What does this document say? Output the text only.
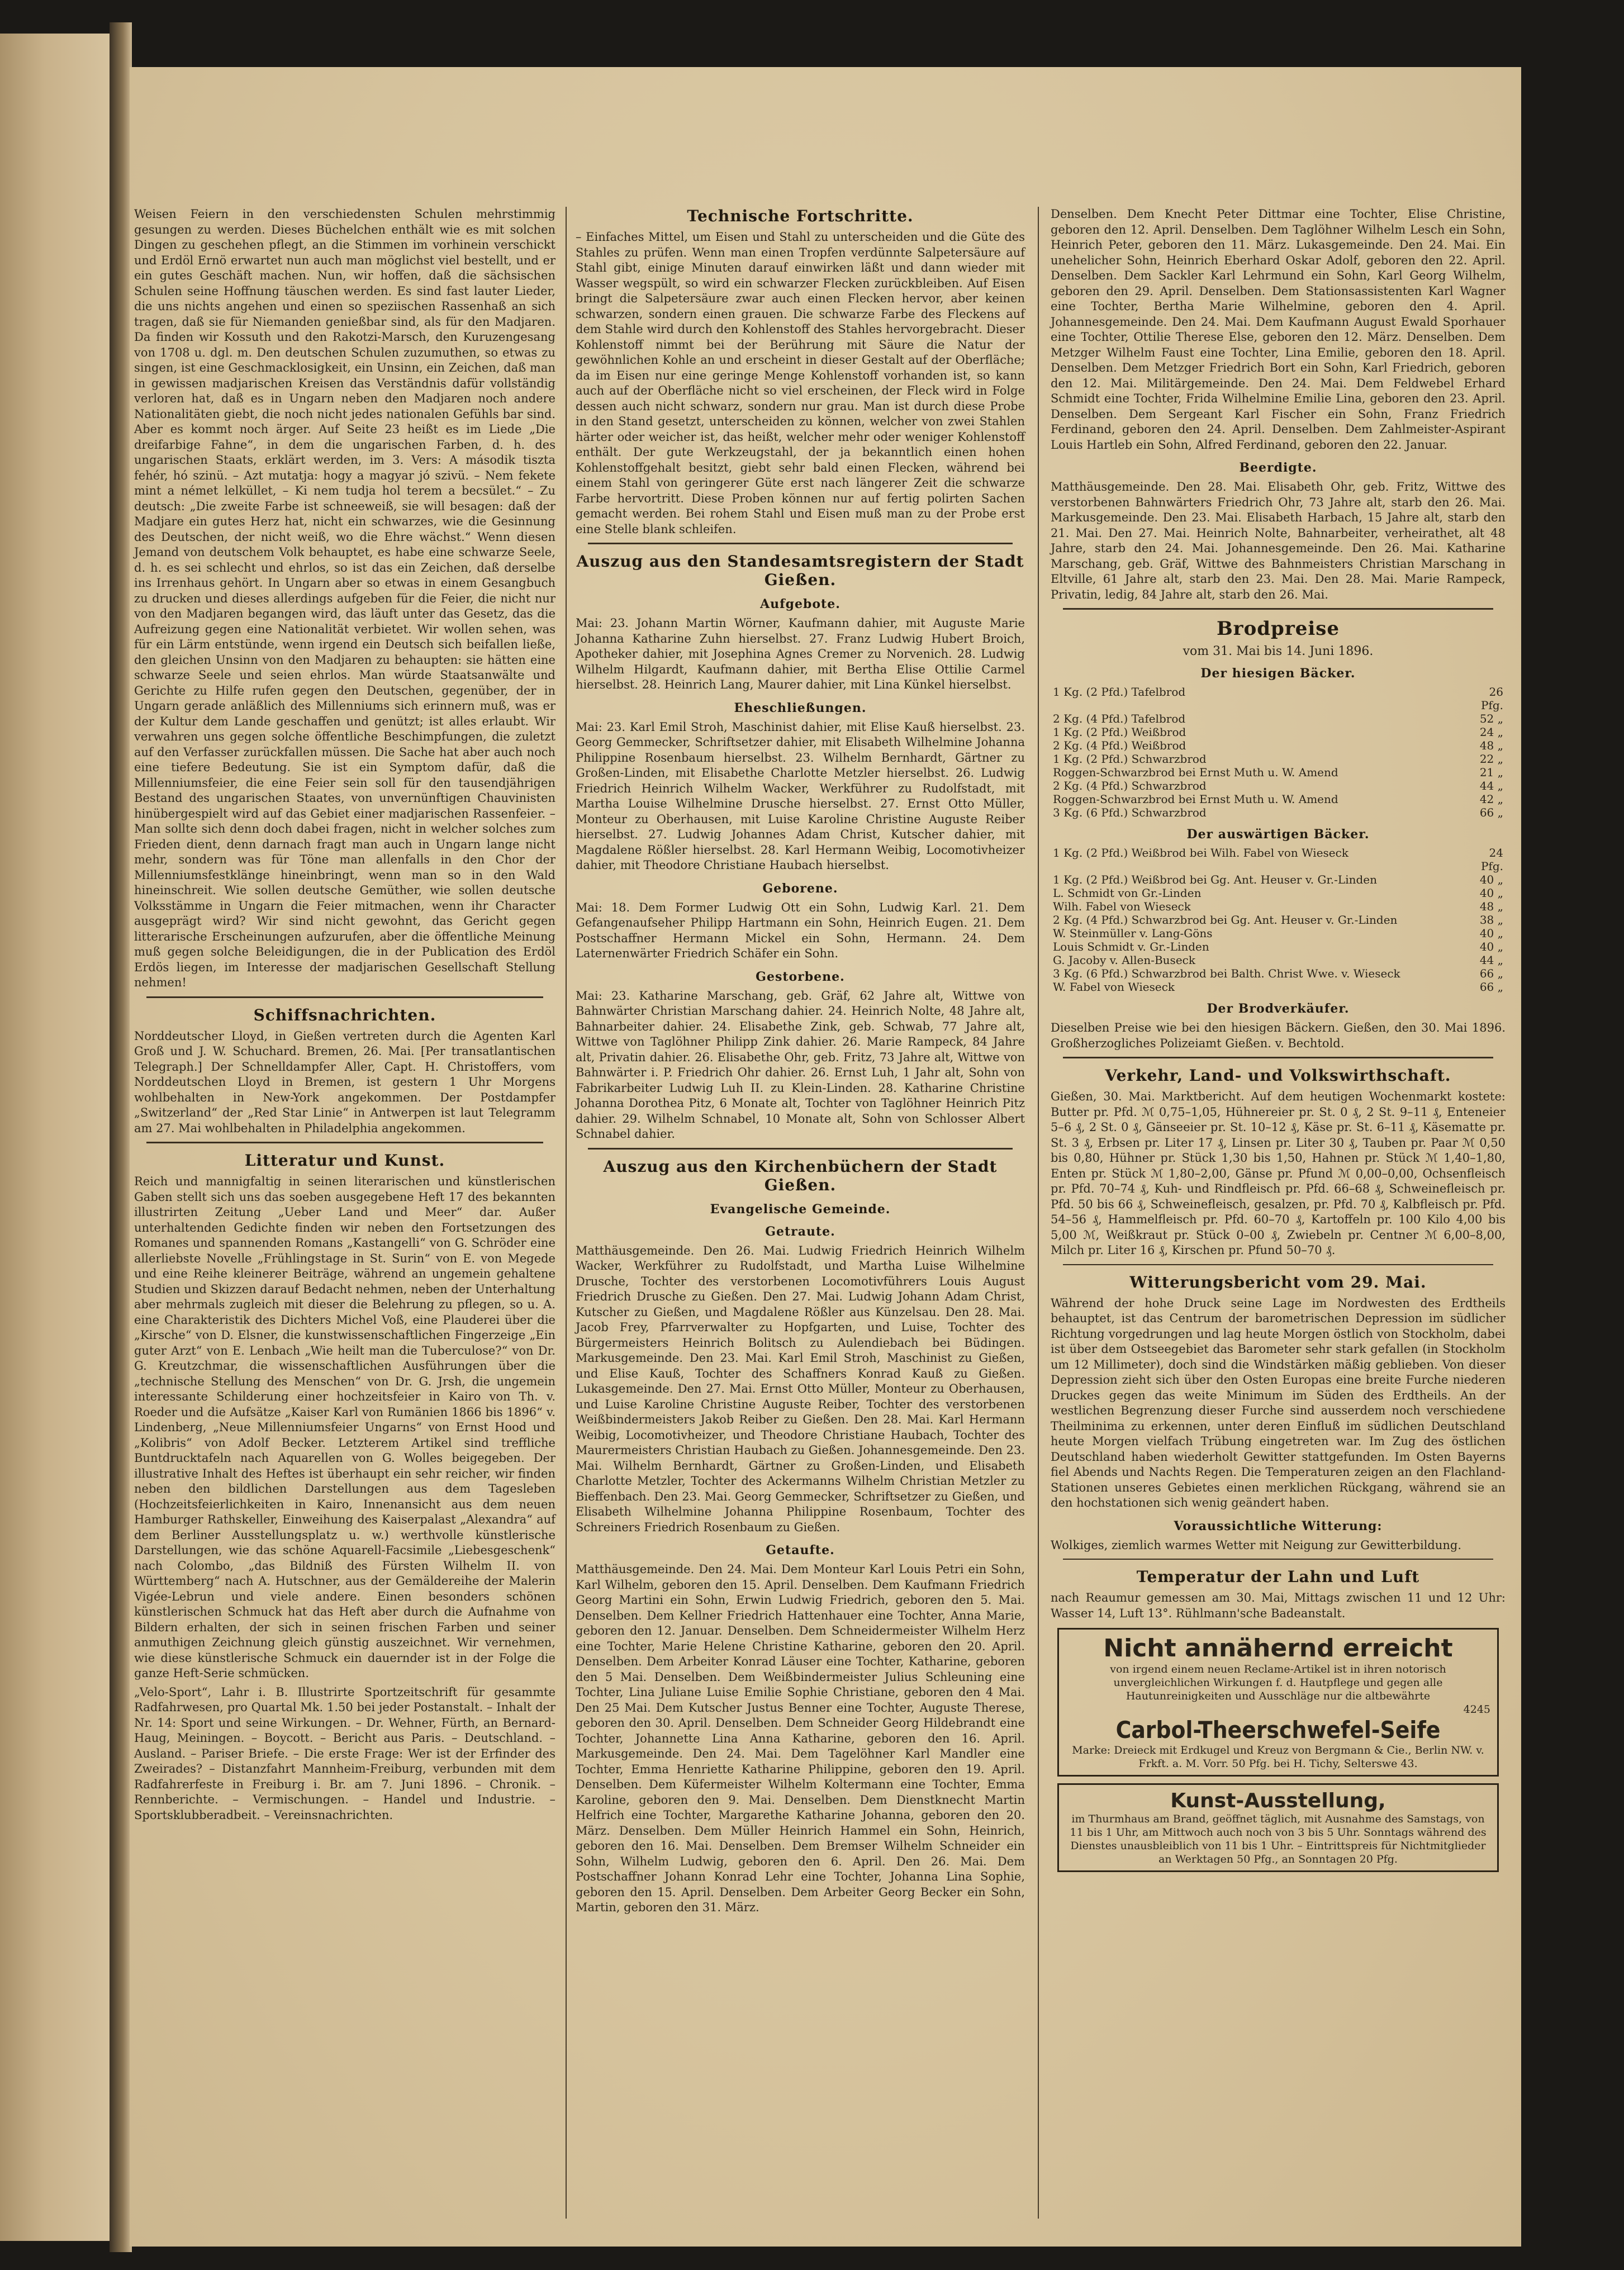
Weisen Feiern in den verschiedensten Schulen mehrstimmig gesungen zu werden. Dieses Büchelchen enthält wie es mit solchen Dingen zu geschehen pflegt, an die Stimmen im vorhinein verschickt und Erdöl Ernö erwartet nun auch man möglichst viel bestellt, und er ein gutes Geschäft machen. Nun, wir hoffen, daß die sächsischen Schulen seine Hoffnung täuschen werden. Es sind fast lauter Lieder, die uns nichts angehen und einen so speziischen Rassenhaß an sich tragen, daß sie für Niemanden genießbar sind, als für den Madjaren. Da finden wir Kossuth und den Rakotzi-Marsch, den Kuruzengesang von 1708 u. dgl. m. Den deutschen Schulen zuzumuthen, so etwas zu singen, ist eine Geschmacklosigkeit, ein Unsinn, ein Zeichen, daß man in gewissen madjarischen Kreisen das Verständnis dafür vollständig verloren hat, daß es in Ungarn neben den Madjaren noch andere Nationalitäten giebt, die noch nicht jedes nationalen Gefühls bar sind. Aber es kommt noch ärger. Auf Seite 23 heißt es im Liede „Die dreifarbige Fahne“, in dem die ungarischen Farben, d. h. des ungarischen Staats, erklärt werden, im 3. Vers: A második tiszta fehér, hó szinü. – Azt mutatja: hogy a magyar jó szivü. – Nem fekete mint a német lelküllet, – Ki nem tudja hol terem a becsület.“ – Zu deutsch: „Die zweite Farbe ist schneeweiß, sie will besagen: daß der Madjare ein gutes Herz hat, nicht ein schwarzes, wie die Gesinnung des Deutschen, der nicht weiß, wo die Ehre wächst.“ Wenn diesen Jemand von deutschem Volk behauptet, es habe eine schwarze Seele, d. h. es sei schlecht und ehrlos, so ist das ein Zeichen, daß derselbe ins Irrenhaus gehört. In Ungarn aber so etwas in einem Gesangbuch zu drucken und dieses allerdings aufgeben für die Feier, die nicht nur von den Madjaren begangen wird, das läuft unter das Gesetz, das die Aufreizung gegen eine Nationalität verbietet. Wir wollen sehen, was für ein Lärm entstünde, wenn irgend ein Deutsch sich beifallen ließe, den gleichen Unsinn von den Madjaren zu behaupten: sie hätten eine schwarze Seele und seien ehrlos. Man würde Staatsanwälte und Gerichte zu Hilfe rufen gegen den Deutschen, gegenüber, der in Ungarn gerade anläßlich des Millenniums sich erinnern muß, was er der Kultur dem Lande geschaffen und genützt; ist alles erlaubt. Wir verwahren uns gegen solche öffentliche Beschimpfungen, die zuletzt auf den Verfasser zurückfallen müssen. Die Sache hat aber auch noch eine tiefere Bedeutung. Sie ist ein Symptom dafür, daß die Millenniumsfeier, die eine Feier sein soll für den tausendjährigen Bestand des ungarischen Staates, von unvernünftigen Chauvinisten hinübergespielt wird auf das Gebiet einer madjarischen Rassenfeier. – Man sollte sich denn doch dabei fragen, nicht in welcher solches zum Frieden dient, denn darnach fragt man auch in Ungarn lange nicht mehr, sondern was für Töne man allenfalls in den Chor der Millenniumsfestklänge hineinbringt, wenn man so in den Wald hineinschreit. Wie sollen deutsche Gemüther, wie sollen deutsche Volksstämme in Ungarn die Feier mitmachen, wenn ihr Character ausgeprägt wird? Wir sind nicht gewohnt, das Gericht gegen litterarische Erscheinungen aufzurufen, aber die öffentliche Meinung muß gegen solche Beleidigungen, die in der Publication des Erdöl Erdös liegen, im Interesse der madjarischen Gesellschaft Stellung nehmen!

Schiffsnachrichten.

Norddeutscher Lloyd, in Gießen vertreten durch die Agenten Karl Groß und J. W. Schuchard. Bremen, 26. Mai. [Per transatlantischen Telegraph.] Der Schnelldampfer Aller, Capt. H. Christoffers, vom Norddeutschen Lloyd in Bremen, ist gestern 1 Uhr Morgens wohlbehalten in New-York angekommen. Der Postdampfer „Switzerland“ der „Red Star Linie“ in Antwerpen ist laut Telegramm am 27. Mai wohlbehalten in Philadelphia angekommen.

Litteratur und Kunst.

Reich und mannigfaltig in seinen literarischen und künstlerischen Gaben stellt sich uns das soeben ausgegebene Heft 17 des bekannten illustrirten Zeitung „Ueber Land und Meer“ dar. Außer unterhaltenden Gedichte finden wir neben den Fortsetzungen des Romanes und spannenden Romans „Kastangelli“ von G. Schröder eine allerliebste Novelle „Frühlingstage in St. Surin“ von E. von Megede und eine Reihe kleinerer Beiträge, während an ungemein gehaltene Studien und Skizzen darauf Bedacht nehmen, neben der Unterhaltung aber mehrmals zugleich mit dieser die Belehrung zu pflegen, so u. A. eine Charakteristik des Dichters Michel Voß, eine Plauderei über die „Kirsche“ von D. Elsner, die kunstwissenschaftlichen Fingerzeige „Ein guter Arzt“ von E. Lenbach „Wie heilt man die Tuberculose?“ von Dr. G. Kreutzchmar, die wissenschaftlichen Ausführungen über die „technische Stellung des Menschen“ von Dr. G. Jrsh, die ungemein interessante Schilderung einer hochzeitsfeier in Kairo von Th. v. Roeder und die Aufsätze „Kaiser Karl von Rumänien 1866 bis 1896“ v. Lindenberg, „Neue Millenniumsfeier Ungarns“ von Ernst Hood und „Kolibris“ von Adolf Becker. Letzterem Artikel sind treffliche Buntdrucktafeln nach Aquarellen von G. Wolles beigegeben. Der illustrative Inhalt des Heftes ist überhaupt ein sehr reicher, wir finden neben den bildlichen Darstellungen aus dem Tagesleben (Hochzeitsfeierlichkeiten in Kairo, Innenansicht aus dem neuen Hamburger Rathskeller, Einweihung des Kaiserpalast „Alexandra“ auf dem Berliner Ausstellungsplatz u. w.) werthvolle künstlerische Darstellungen, wie das schöne Aquarell-Facsimile „Liebesgeschenk“ nach Colombo, „das Bildniß des Fürsten Wilhelm II. von Württemberg“ nach A. Hutschner, aus der Gemäldereihe der Malerin Vigée-Lebrun und viele andere. Einen besonders schönen künstlerischen Schmuck hat das Heft aber durch die Aufnahme von Bildern erhalten, der sich in seinen frischen Farben und seiner anmuthigen Zeichnung gleich günstig auszeichnet. Wir vernehmen, wie diese künstlerische Schmuck ein dauernder ist in der Folge die ganze Heft-Serie schmücken.

„Velo-Sport“, Lahr i. B. Illustrirte Sportzeitschrift für gesammte Radfahrwesen, pro Quartal Mk. 1.50 bei jeder Postanstalt. – Inhalt der Nr. 14: Sport und seine Wirkungen. – Dr. Wehner, Fürth, an Bernard-Haug, Meiningen. – Boycott. – Bericht aus Paris. – Deutschland. – Ausland. – Pariser Briefe. – Die erste Frage: Wer ist der Erfinder des Zweirades? – Distanzfahrt Mannheim-Freiburg, verbunden mit dem Radfahrerfeste in Freiburg i. Br. am 7. Juni 1896. – Chronik. – Rennberichte. – Vermischungen. – Handel und Industrie. – Sportsklubberadbeit. – Vereinsnachrichten.

Technische Fortschritte.

– Einfaches Mittel, um Eisen und Stahl zu unterscheiden und die Güte des Stahles zu prüfen. Wenn man einen Tropfen verdünnte Salpetersäure auf Stahl gibt, einige Minuten darauf einwirken läßt und dann wieder mit Wasser wegspült, so wird ein schwarzer Flecken zurückbleiben. Auf Eisen bringt die Salpetersäure zwar auch einen Flecken hervor, aber keinen schwarzen, sondern einen grauen. Die schwarze Farbe des Fleckens auf dem Stahle wird durch den Kohlenstoff des Stahles hervorgebracht. Dieser Kohlenstoff nimmt bei der Berührung mit Säure die Natur der gewöhnlichen Kohle an und erscheint in dieser Gestalt auf der Oberfläche; da im Eisen nur eine geringe Menge Kohlenstoff vorhanden ist, so kann auch auf der Oberfläche nicht so viel erscheinen, der Fleck wird in Folge dessen auch nicht schwarz, sondern nur grau. Man ist durch diese Probe in den Stand gesetzt, unterscheiden zu können, welcher von zwei Stahlen härter oder weicher ist, das heißt, welcher mehr oder weniger Kohlenstoff enthält. Der gute Werkzeugstahl, der ja bekanntlich einen hohen Kohlenstoffgehalt besitzt, giebt sehr bald einen Flecken, während bei einem Stahl von geringerer Güte erst nach längerer Zeit die schwarze Farbe hervortritt. Diese Proben können nur auf fertig polirten Sachen gemacht werden. Bei rohem Stahl und Eisen muß man zu der Probe erst eine Stelle blank schleifen.

Auszug aus den Standesamtsregistern der Stadt Gießen.
Aufgebote.

Mai: 23. Johann Martin Wörner, Kaufmann dahier, mit Auguste Marie Johanna Katharine Zuhn hierselbst. 27. Franz Ludwig Hubert Broich, Apotheker dahier, mit Josephina Agnes Cremer zu Norvenich. 28. Ludwig Wilhelm Hilgardt, Kaufmann dahier, mit Bertha Elise Ottilie Carmel hierselbst. 28. Heinrich Lang, Maurer dahier, mit Lina Künkel hierselbst.

Eheschließungen.

Mai: 23. Karl Emil Stroh, Maschinist dahier, mit Elise Kauß hierselbst. 23. Georg Gemmecker, Schriftsetzer dahier, mit Elisabeth Wilhelmine Johanna Philippine Rosenbaum hierselbst. 23. Wilhelm Bernhardt, Gärtner zu Großen-Linden, mit Elisabethe Charlotte Metzler hierselbst. 26. Ludwig Friedrich Heinrich Wilhelm Wacker, Werkführer zu Rudolfstadt, mit Martha Louise Wilhelmine Drusche hierselbst. 27. Ernst Otto Müller, Monteur zu Oberhausen, mit Luise Karoline Christine Auguste Reiber hierselbst. 27. Ludwig Johannes Adam Christ, Kutscher dahier, mit Magdalene Rößler hierselbst. 28. Karl Hermann Weibig, Locomotivheizer dahier, mit Theodore Christiane Haubach hierselbst.

Geborene.

Mai: 18. Dem Former Ludwig Ott ein Sohn, Ludwig Karl. 21. Dem Gefangenaufseher Philipp Hartmann ein Sohn, Heinrich Eugen. 21. Dem Postschaffner Hermann Mickel ein Sohn, Hermann. 24. Dem Laternenwärter Friedrich Schäfer ein Sohn.

Gestorbene.

Mai: 23. Katharine Marschang, geb. Gräf, 62 Jahre alt, Wittwe von Bahnwärter Christian Marschang dahier. 24. Heinrich Nolte, 48 Jahre alt, Bahnarbeiter dahier. 24. Elisabethe Zink, geb. Schwab, 77 Jahre alt, Wittwe von Taglöhner Philipp Zink dahier. 26. Marie Rampeck, 84 Jahre alt, Privatin dahier. 26. Elisabethe Ohr, geb. Fritz, 73 Jahre alt, Wittwe von Bahnwärter i. P. Friedrich Ohr dahier. 26. Ernst Luh, 1 Jahr alt, Sohn von Fabrikarbeiter Ludwig Luh II. zu Klein-Linden. 28. Katharine Christine Johanna Dorothea Pitz, 6 Monate alt, Tochter von Taglöhner Heinrich Pitz dahier. 29. Wilhelm Schnabel, 10 Monate alt, Sohn von Schlosser Albert Schnabel dahier.

Auszug aus den Kirchenbüchern der Stadt Gießen.
Evangelische Gemeinde.
Getraute.

Matthäusgemeinde. Den 26. Mai. Ludwig Friedrich Heinrich Wilhelm Wacker, Werkführer zu Rudolfstadt, und Martha Luise Wilhelmine Drusche, Tochter des verstorbenen Locomotivführers Louis August Friedrich Drusche zu Gießen. Den 27. Mai. Ludwig Johann Adam Christ, Kutscher zu Gießen, und Magdalene Rößler aus Künzelsau. Den 28. Mai. Jacob Frey, Pfarrverwalter zu Hopfgarten, und Luise, Tochter des Bürgermeisters Heinrich Bolitsch zu Aulendiebach bei Büdingen. Markusgemeinde. Den 23. Mai. Karl Emil Stroh, Maschinist zu Gießen, und Elise Kauß, Tochter des Schaffners Konrad Kauß zu Gießen. Lukasgemeinde. Den 27. Mai. Ernst Otto Müller, Monteur zu Oberhausen, und Luise Karoline Christine Auguste Reiber, Tochter des verstorbenen Weißbindermeisters Jakob Reiber zu Gießen. Den 28. Mai. Karl Hermann Weibig, Locomotivheizer, und Theodore Christiane Haubach, Tochter des Maurermeisters Christian Haubach zu Gießen. Johannesgemeinde. Den 23. Mai. Wilhelm Bernhardt, Gärtner zu Großen-Linden, und Elisabeth Charlotte Metzler, Tochter des Ackermanns Wilhelm Christian Metzler zu Bieffenbach. Den 23. Mai. Georg Gemmecker, Schriftsetzer zu Gießen, und Elisabeth Wilhelmine Johanna Philippine Rosenbaum, Tochter des Schreiners Friedrich Rosenbaum zu Gießen.

Getaufte.

Matthäusgemeinde. Den 24. Mai. Dem Monteur Karl Louis Petri ein Sohn, Karl Wilhelm, geboren den 15. April. Denselben. Dem Kaufmann Friedrich Georg Martini ein Sohn, Erwin Ludwig Friedrich, geboren den 5. Mai. Denselben. Dem Kellner Friedrich Hattenhauer eine Tochter, Anna Marie, geboren den 12. Januar. Denselben. Dem Schneidermeister Wilhelm Herz eine Tochter, Marie Helene Christine Katharine, geboren den 20. April. Denselben. Dem Arbeiter Konrad Läuser eine Tochter, Katharine, geboren den 5 Mai. Denselben. Dem Weißbindermeister Julius Schleuning eine Tochter, Lina Juliane Luise Emilie Sophie Christiane, geboren den 4 Mai. Den 25 Mai. Dem Kutscher Justus Benner eine Tochter, Auguste Therese, geboren den 30. April. Denselben. Dem Schneider Georg Hildebrandt eine Tochter, Johannette Lina Anna Katharine, geboren den 16. April. Markusgemeinde. Den 24. Mai. Dem Tagelöhner Karl Mandler eine Tochter, Emma Henriette Katharine Philippine, geboren den 19. April. Denselben. Dem Küfermeister Wilhelm Koltermann eine Tochter, Emma Karoline, geboren den 9. Mai. Denselben. Dem Dienstknecht Martin Helfrich eine Tochter, Margarethe Katharine Johanna, geboren den 20. März. Denselben. Dem Müller Heinrich Hammel ein Sohn, Heinrich, geboren den 16. Mai. Denselben. Dem Bremser Wilhelm Schneider ein Sohn, Wilhelm Ludwig, geboren den 6. April. Den 26. Mai. Dem Postschaffner Johann Konrad Lehr eine Tochter, Johanna Lina Sophie, geboren den 15. April. Denselben. Dem Arbeiter Georg Becker ein Sohn, Martin, geboren den 31. März.

Denselben. Dem Knecht Peter Dittmar eine Tochter, Elise Christine, geboren den 12. April. Denselben. Dem Taglöhner Wilhelm Lesch ein Sohn, Heinrich Peter, geboren den 11. März. Lukasgemeinde. Den 24. Mai. Ein unehelicher Sohn, Heinrich Eberhard Oskar Adolf, geboren den 22. April. Denselben. Dem Sackler Karl Lehrmund ein Sohn, Karl Georg Wilhelm, geboren den 29. April. Denselben. Dem Stationsassistenten Karl Wagner eine Tochter, Bertha Marie Wilhelmine, geboren den 4. April. Johannesgemeinde. Den 24. Mai. Dem Kaufmann August Ewald Sporhauer eine Tochter, Ottilie Therese Else, geboren den 12. März. Denselben. Dem Metzger Wilhelm Faust eine Tochter, Lina Emilie, geboren den 18. April. Denselben. Dem Metzger Friedrich Bort ein Sohn, Karl Friedrich, geboren den 12. Mai. Militärgemeinde. Den 24. Mai. Dem Feldwebel Erhard Schmidt eine Tochter, Frida Wilhelmine Emilie Lina, geboren den 23. April. Denselben. Dem Sergeant Karl Fischer ein Sohn, Franz Friedrich Ferdinand, geboren den 24. April. Denselben. Dem Zahlmeister-Aspirant Louis Hartleb ein Sohn, Alfred Ferdinand, geboren den 22. Januar.

Beerdigte.

Matthäusgemeinde. Den 28. Mai. Elisabeth Ohr, geb. Fritz, Wittwe des verstorbenen Bahnwärters Friedrich Ohr, 73 Jahre alt, starb den 26. Mai. Markusgemeinde. Den 23. Mai. Elisabeth Harbach, 15 Jahre alt, starb den 21. Mai. Den 27. Mai. Heinrich Nolte, Bahnarbeiter, verheirathet, alt 48 Jahre, starb den 24. Mai. Johannesgemeinde. Den 26. Mai. Katharine Marschang, geb. Gräf, Wittwe des Bahnmeisters Christian Marschang in Eltville, 61 Jahre alt, starb den 23. Mai. Den 28. Mai. Marie Rampeck, Privatin, ledig, 84 Jahre alt, starb den 26. Mai.

Brodpreise
vom 31. Mai bis 14. Juni 1896.
Der hiesigen Bäcker.
1 Kg. (2 Pfd.) Tafelbrod	26 Pfg.
2 Kg. (4 Pfd.) Tafelbrod	52 „
1 Kg. (2 Pfd.) Weißbrod	24 „
2 Kg. (4 Pfd.) Weißbrod	48 „
1 Kg. (2 Pfd.) Schwarzbrod	22 „
Roggen-Schwarzbrod bei Ernst Muth u. W. Amend	21 „
2 Kg. (4 Pfd.) Schwarzbrod	44 „
Roggen-Schwarzbrod bei Ernst Muth u. W. Amend	42 „
3 Kg. (6 Pfd.) Schwarzbrod	66 „
Der auswärtigen Bäcker.
1 Kg. (2 Pfd.) Weißbrod bei Wilh. Fabel von Wieseck	24 Pfg.
1 Kg. (2 Pfd.) Weißbrod bei Gg. Ant. Heuser v. Gr.-Linden	40 „
L. Schmidt von Gr.-Linden	40 „
Wilh. Fabel von Wieseck	48 „
2 Kg. (4 Pfd.) Schwarzbrod bei Gg. Ant. Heuser v. Gr.-Linden	38 „
W. Steinmüller v. Lang-Göns	40 „
Louis Schmidt v. Gr.-Linden	40 „
G. Jacoby v. Allen-Buseck	44 „
3 Kg. (6 Pfd.) Schwarzbrod bei Balth. Christ Wwe. v. Wieseck	66 „
W. Fabel von Wieseck	66 „
Der Brodverkäufer.

Dieselben Preise wie bei den hiesigen Bäckern. Gießen, den 30. Mai 1896. Großherzogliches Polizeiamt Gießen. v. Bechtold.

Verkehr, Land- und Volkswirthschaft.

Gießen, 30. Mai. Marktbericht. Auf dem heutigen Wochenmarkt kostete: Butter pr. Pfd. ℳ 0,75–1,05, Hühnereier pr. St. 0 ₰, 2 St. 9–11 ₰, Enteneier 5–6 ₰, 2 St. 0 ₰, Gänseeier pr. St. 10–12 ₰, Käse pr. St. 6–11 ₰, Käsematte pr. St. 3 ₰, Erbsen pr. Liter 17 ₰, Linsen pr. Liter 30 ₰, Tauben pr. Paar ℳ 0,50 bis 0,80, Hühner pr. Stück 1,30 bis 1,50, Hahnen pr. Stück ℳ 1,40–1,80, Enten pr. Stück ℳ 1,80–2,00, Gänse pr. Pfund ℳ 0,00–0,00, Ochsenfleisch pr. Pfd. 70–74 ₰, Kuh- und Rindfleisch pr. Pfd. 66–68 ₰, Schweinefleisch pr. Pfd. 50 bis 66 ₰, Schweinefleisch, gesalzen, pr. Pfd. 70 ₰, Kalbfleisch pr. Pfd. 54–56 ₰, Hammelfleisch pr. Pfd. 60–70 ₰, Kartoffeln pr. 100 Kilo 4,00 bis 5,00 ℳ, Weißkraut pr. Stück 0–00 ₰, Zwiebeln pr. Centner ℳ 6,00–8,00, Milch pr. Liter 16 ₰, Kirschen pr. Pfund 50–70 ₰.

Witterungsbericht vom 29. Mai.

Während der hohe Druck seine Lage im Nordwesten des Erdtheils behauptet, ist das Centrum der barometrischen Depression im südlicher Richtung vorgedrungen und lag heute Morgen östlich von Stockholm, dabei ist über dem Ostseegebiet das Barometer sehr stark gefallen (in Stockholm um 12 Millimeter), doch sind die Windstärken mäßig geblieben. Von dieser Depression zieht sich über den Osten Europas eine breite Furche niederen Druckes gegen das weite Minimum im Süden des Erdtheils. An der westlichen Begrenzung dieser Furche sind ausserdem noch verschiedene Theilminima zu erkennen, unter deren Einfluß im südlichen Deutschland heute Morgen vielfach Trübung eingetreten war. Im Zug des östlichen Deutschland haben wiederholt Gewitter stattgefunden. Im Osten Bayerns fiel Abends und Nachts Regen. Die Temperaturen zeigen an den Flachland-Stationen unseres Gebietes einen merklichen Rückgang, während sie an den hochstationen sich wenig geändert haben.

Voraussichtliche Witterung:

Wolkiges, ziemlich warmes Wetter mit Neigung zur Gewitterbildung.

Temperatur der Lahn und Luft

nach Reaumur gemessen am 30. Mai, Mittags zwischen 11 und 12 Uhr: Wasser 14, Luft 13°. Rühlmann'sche Badeanstalt.

Nicht annähernd erreicht
von irgend einem neuen Reclame-Artikel ist in ihren notorisch unvergleichlichen Wirkungen f. d. Hautpflege und gegen alle Hautunreinigkeiten und Ausschläge nur die altbewährte
4245
Carbol-Theerschwefel-Seife
Marke: Dreieck mit Erdkugel und Kreuz von Bergmann & Cie., Berlin NW. v. Frkft. a. M. Vorr. 50 Pfg. bei H. Tichy, Selterswe 43.
Kunst-Ausstellung,
im Thurmhaus am Brand, geöffnet täglich, mit Ausnahme des Samstags, von 11 bis 1 Uhr, am Mittwoch auch noch von 3 bis 5 Uhr. Sonntags während des Dienstes unausbleiblich von 11 bis 1 Uhr. – Eintrittspreis für Nichtmitglieder an Werktagen 50 Pfg., an Sonntagen 20 Pfg.
